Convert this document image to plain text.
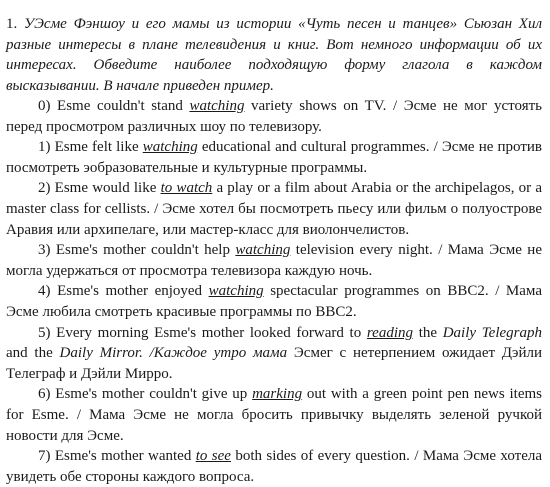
1. УЭсме Фэншоу и его мамы из истории «Чуть песен и танцев» Сьюзан Хил разные интересы в плане телевидения и книг. Вот немного информации об их интересах. Обведите наиболее подходящую форму глагола в каждом высказывании. В начале приведен пример.

0) Esme couldn't stand watching variety shows on TV. / Эсме не мог устоять перед просмотром различных шоу по телевизору.

1) Esme felt like watching educational and cultural programmes. / Эсме не против посмотреть эобразовательные и культурные программы.

2) Esme would like to watch a play or a film about Arabia or the archipelagos, or a master class for cellists. / Эсме хотел бы посмотреть пьесу или фильм о полуострове Аравия или архипелаге, или мастер-класс для виолончелистов.

3) Esme's mother couldn't help watching television every night. / Мама Эсме не могла удержаться от просмотра телевизора каждую ночь.

4) Esme's mother enjoyed watching spectacular programmes on BBC2. / Мама Эсме любила смотреть красивые программы по BBC2.

5) Every morning Esme's mother looked forward to reading the Daily Telegraph and the Daily Mirror. /Каждое утро мама Эсмег с нетерпением ожидает Дэйли Телеграф и Дэйли Миррo.

6) Esme's mother couldn't give up marking out with a green point pen news items for Esme. / Мама Эсме не могла бросить привычку выделять зеленой ручкой новости для Эсме.

7) Esme's mother wanted to see both sides of every question. / Мама Эсме хотела увидеть обе стороны каждого вопроса.
